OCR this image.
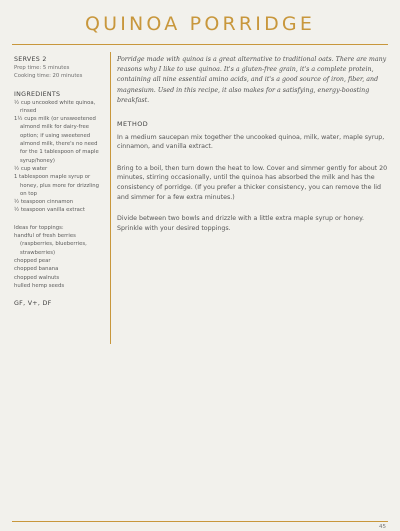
QUINOA PORRIDGE
SERVES 2
Prep time: 5 minutes
Cooking time: 20 minutes
INGREDIENTS
½ cup uncooked white quinoa, rinsed
1½ cups milk (or unsweetened almond milk for dairy-free option; if using sweetened almond milk, there's no need for the 1 tablespoon of maple syrup/honey)
½ cup water
1 tablespoon maple syrup or honey, plus more for drizzling on top
½ teaspoon cinnamon
½ teaspoon vanilla extract
Ideas for toppings:
handful of fresh berries (raspberries, blueberries, strawberries)
chopped pear
chopped banana
chopped walnuts
hulled hemp seeds
GF, V+, DF

Porridge made with quinoa is a great alternative to traditional oats. There are many reasons why I like to use quinoa. It's a gluten-free grain, it's a complete protein, containing all nine essential amino acids, and it's a good source of iron, fiber, and magnesium. Used in this recipe, it also makes for a satisfying, energy-boosting breakfast.

METHOD

In a medium saucepan mix together the uncooked quinoa, milk, water, maple syrup, cinnamon, and vanilla extract.

Bring to a boil, then turn down the heat to low. Cover and simmer gently for about 20 minutes, stirring occasionally, until the quinoa has absorbed the milk and has the consistency of porridge. (If you prefer a thicker consistency, you can remove the lid and simmer for a few extra minutes.)

Divide between two bowls and drizzle with a little extra maple syrup or honey. Sprinkle with your desired toppings.

45
